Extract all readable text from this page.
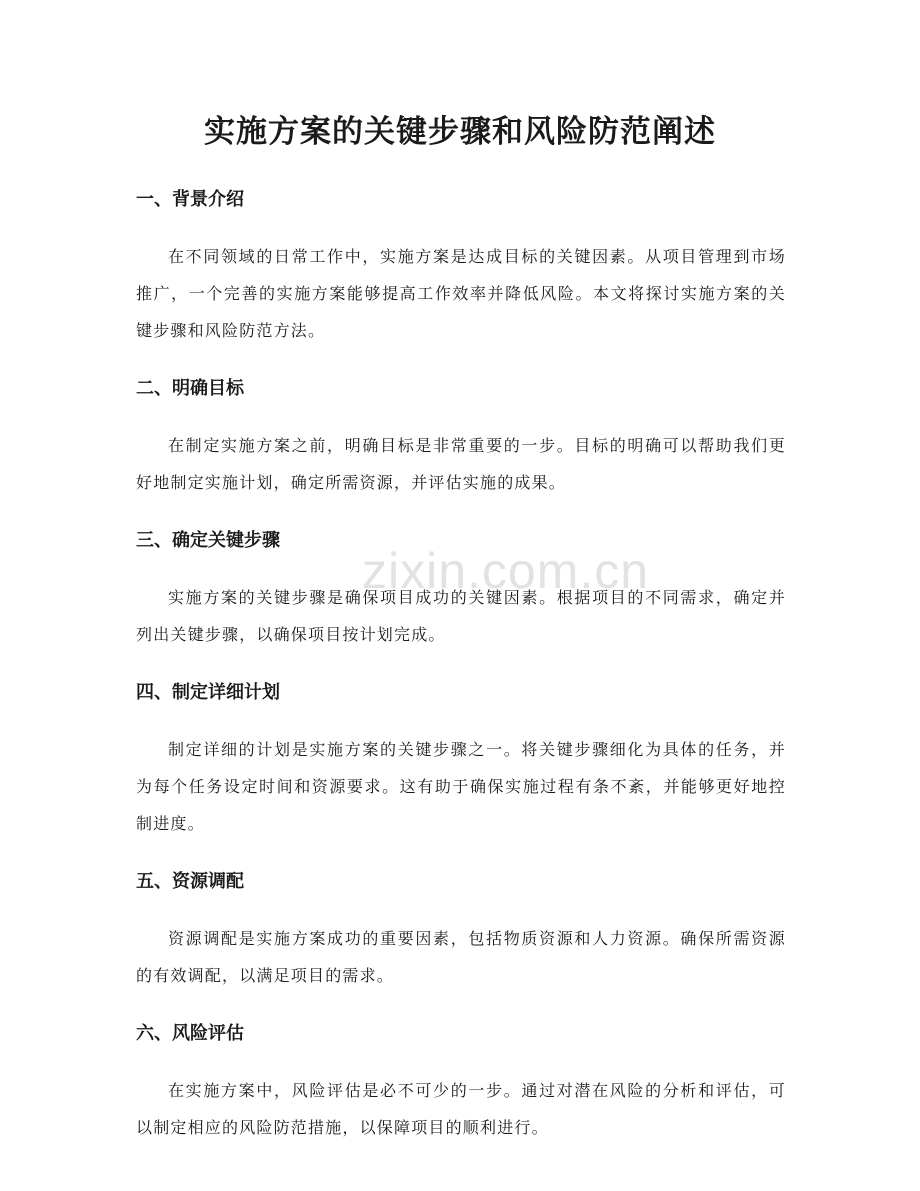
zixin.com.cn
实施方案的关键步骤和风险防范阐述
一、背景介绍

在不同领域的日常工作中，实施方案是达成目标的关键因素。从项目管理到市场推广，一个完善的实施方案能够提高工作效率并降低风险。本文将探讨实施方案的关键步骤和风险防范方法。

二、明确目标

在制定实施方案之前，明确目标是非常重要的一步。目标的明确可以帮助我们更好地制定实施计划，确定所需资源，并评估实施的成果。

三、确定关键步骤

实施方案的关键步骤是确保项目成功的关键因素。根据项目的不同需求，确定并列出关键步骤，以确保项目按计划完成。

四、制定详细计划

制定详细的计划是实施方案的关键步骤之一。将关键步骤细化为具体的任务，并为每个任务设定时间和资源要求。这有助于确保实施过程有条不紊，并能够更好地控制进度。

五、资源调配

资源调配是实施方案成功的重要因素，包括物质资源和人力资源。确保所需资源的有效调配，以满足项目的需求。

六、风险评估

在实施方案中，风险评估是必不可少的一步。通过对潜在风险的分析和评估，可以制定相应的风险防范措施，以保障项目的顺利进行。
